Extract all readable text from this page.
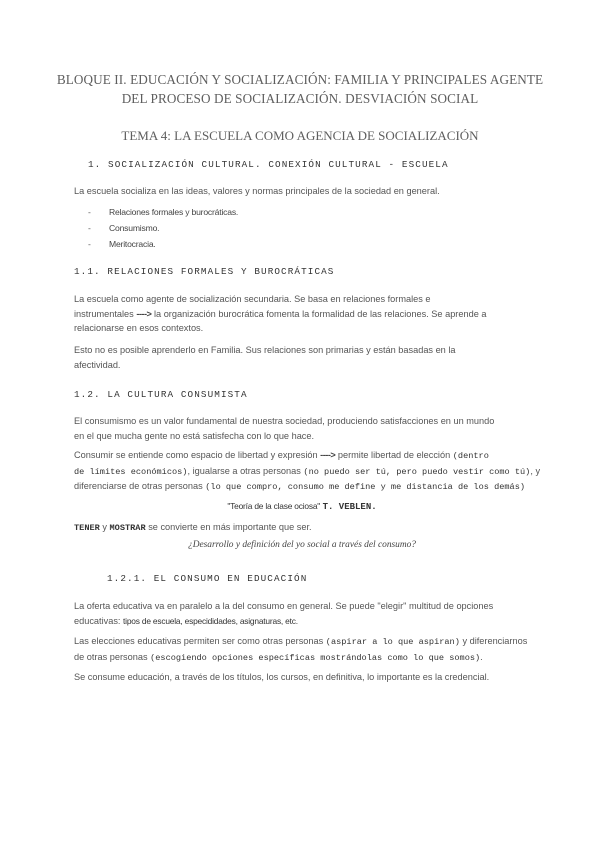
BLOQUE II. EDUCACIÓN Y SOCIALIZACIÓN: FAMILIA Y PRINCIPALES AGENTE
DEL PROCESO DE SOCIALIZACIÓN. DESVIACIÓN SOCIAL
TEMA 4: LA ESCUELA COMO AGENCIA DE SOCIALIZACIÓN
1. SOCIALIZACIÓN CULTURAL. CONEXIÓN CULTURAL - ESCUELA
La escuela socializa en las ideas, valores y normas principales de la sociedad en general.
- Relaciones formales y burocráticas.
- Consumismo.
- Meritocracia.
1.1. RELACIONES FORMALES Y BUROCRÁTICAS
La escuela como agente de socialización secundaria. Se basa en relaciones formales e
instrumentales ----> la organización burocrática fomenta la formalidad de las relaciones. Se aprende a
relacionarse en esos contextos.
Esto no es posible aprenderlo en Familia. Sus relaciones son primarias y están basadas en la
afectividad.
1.2. LA CULTURA CONSUMISTA
El consumismo es un valor fundamental de nuestra sociedad, produciendo satisfacciones en un mundo
en el que mucha gente no está satisfecha con lo que hace.
Consumir se entiende como espacio de libertad y expresión ----> permite libertad de elección (dentro
de límites económicos), igualarse a otras personas (no puedo ser tú, pero puedo vestir como tú), y
diferenciarse de otras personas (lo que compro, consumo me define y me distancia de los demás)
"Teoría de la clase ociosa" T. VEBLEN.
TENER y MOSTRAR se convierte en más importante que ser.
¿Desarrollo y definición del yo social a través del consumo?
1.2.1. EL CONSUMO EN EDUCACIÓN
La oferta educativa va en paralelo a la del consumo en general. Se puede "elegir" multitud de opciones
educativas: tipos de escuela, especididades, asignaturas, etc.
Las elecciones educativas permiten ser como otras personas (aspirar a lo que aspiran) y diferenciarnos
de otras personas (escogiendo opciones específicas mostrándolas como lo que somos).
Se consume educación, a través de los títulos, los cursos, en definitiva, lo importante es la credencial.
